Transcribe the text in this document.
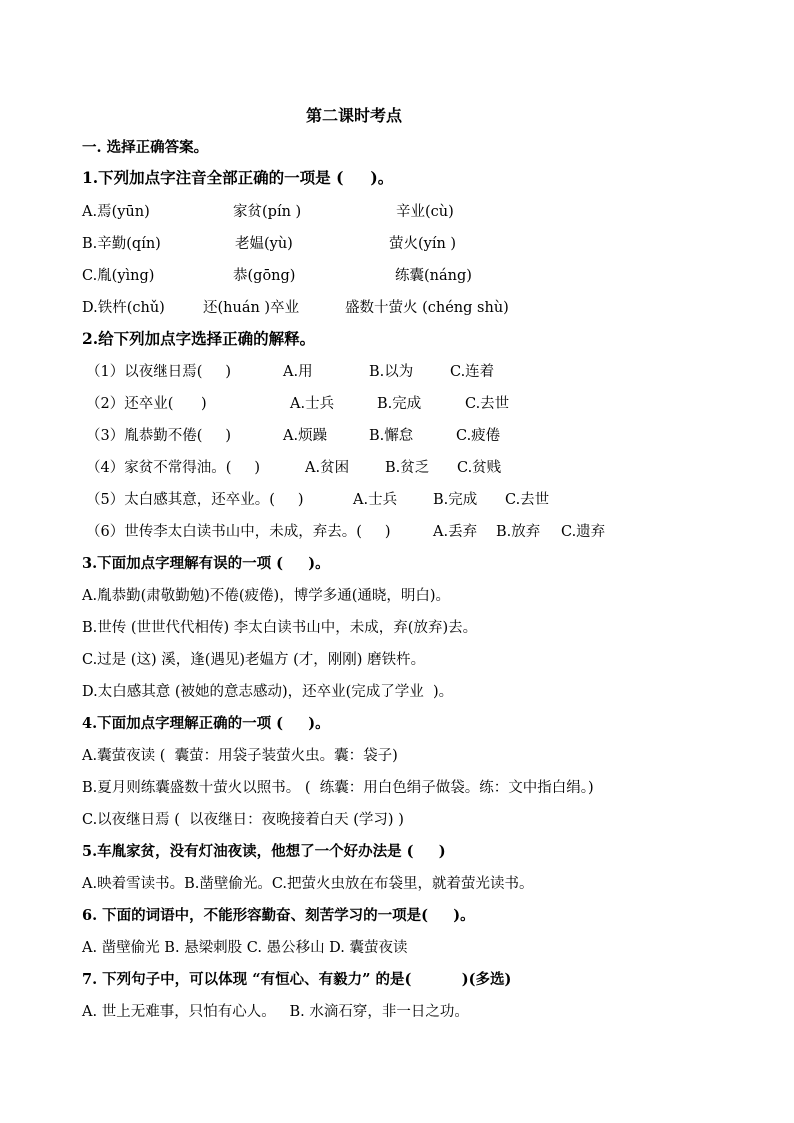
第二课时考点
一. 选择正确答案。
1.下列加点字注音全部正确的一项是 (     )。
A.焉(yūn)	家贫(pín )	辛业(cù)
B.辛勤(qín)	老媪(yù)	萤火(yín )
C.胤(yìng)	恭(gōng)	练囊(náng)
D.铁杵(chǔ)	还(huán )卒业	盛数十萤火 (chéng shù)
2.给下列加点字选择正确的解释。
（1）以夜继日焉(     )	A.用	B.以为	C.连着
（2）还卒业(      )	A.士兵	B.完成	C.去世
（3）胤恭勤不倦(     )	A.烦躁	B.懈怠	C.疲倦
（4）家贫不常得油。(     )	A.贫困 B.贫乏 C.贫贱
（5）太白感其意，还卒业。(     )	A.士兵 B.完成 C.去世
（6）世传李太白读书山中，未成，弃去。(     )	A.丢弃 B.放弃 C.遗弃
3.下面加点字理解有误的一项 (     )。
A.胤恭勤(肃敬勤勉)不倦(疲倦)，博学多通(通晓，明白)。
B.世传 (世世代代相传) 李太白读书山中，未成，弃(放弃)去。
C.过是 (这) 溪，逢(遇见)老媪方 (才，刚刚) 磨铁杵。
D.太白感其意 (被她的意志感动)，还卒业(完成了学业  )。
4.下面加点字理解正确的一项 (     )。
A.囊萤夜读 (  囊萤：用袋子装萤火虫。囊：袋子)
B.夏月则练囊盛数十萤火以照书。 (  练囊：用白色绢子做袋。练：文中指白绢。)
C.以夜继日焉 (  以夜继日：夜晚接着白天 (学习) )
5.车胤家贫，没有灯油夜读，他想了一个好办法是 (     )
A.映着雪读书。B.凿壁偷光。C.把萤火虫放在布袋里，就着萤光读书。
6. 下面的词语中，不能形容勤奋、刻苦学习的一项是(     )。
A. 凿壁偷光 B. 悬梁刺股 C. 愚公移山 D. 囊萤夜读
7. 下列句子中，可以体现 “有恒心、有毅力” 的是(          )(多选)
A. 世上无难事，只怕有心人。   B. 水滴石穿，非一日之功。
